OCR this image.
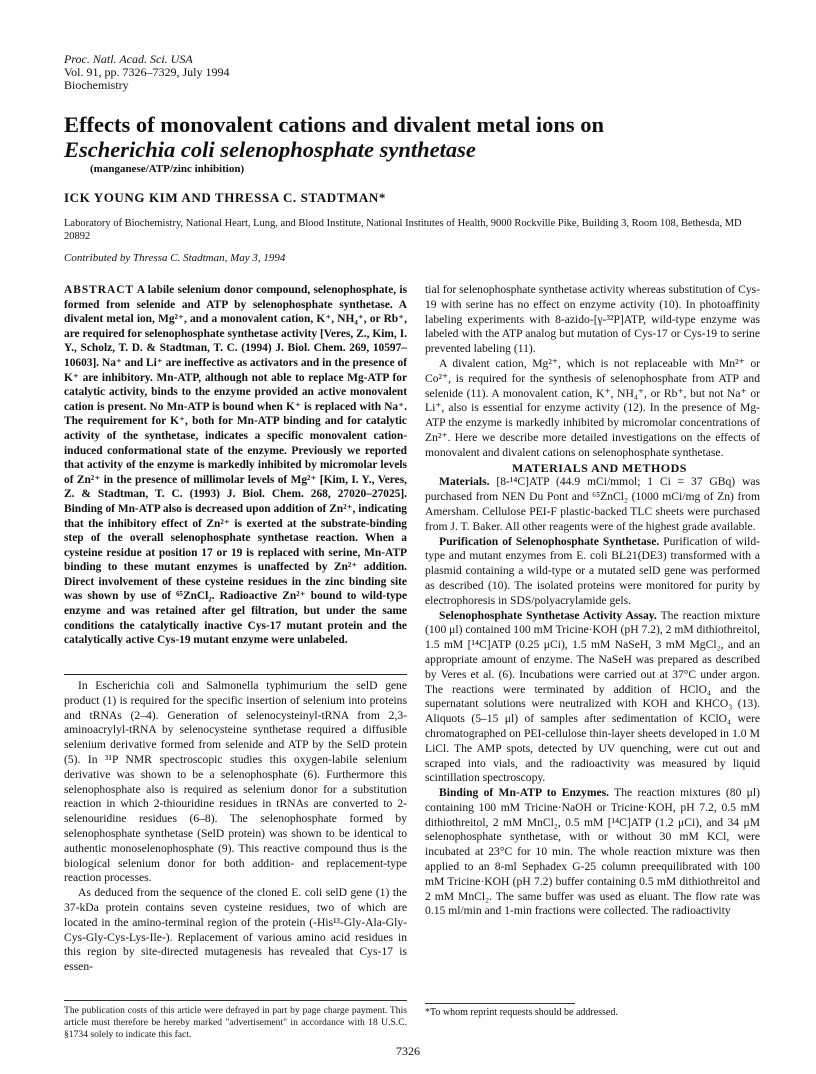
Proc. Natl. Acad. Sci. USA
Vol. 91, pp. 7326–7329, July 1994
Biochemistry
Effects of monovalent cations and divalent metal ions on
Escherichia coli selenophosphate synthetase
(manganese/ATP/zinc inhibition)
ICK YOUNG KIM AND THRESSA C. STADTMAN*
Laboratory of Biochemistry, National Heart, Lung, and Blood Institute, National Institutes of Health, 9000 Rockville Pike, Building 3, Room 108, Bethesda, MD 20892
Contributed by Thressa C. Stadtman, May 3, 1994

ABSTRACT A labile selenium donor compound, selenophosphate, is formed from selenide and ATP by selenophosphate synthetase. A divalent metal ion, Mg²⁺, and a monovalent cation, K⁺, NH₄⁺, or Rb⁺, are required for selenophosphate synthetase activity [Veres, Z., Kim, I. Y., Scholz, T. D. & Stadtman, T. C. (1994) J. Biol. Chem. 269, 10597–10603]. Na⁺ and Li⁺ are ineffective as activators and in the presence of K⁺ are inhibitory. Mn-ATP, although not able to replace Mg-ATP for catalytic activity, binds to the enzyme provided an active monovalent cation is present. No Mn-ATP is bound when K⁺ is replaced with Na⁺. The requirement for K⁺, both for Mn-ATP binding and for catalytic activity of the synthetase, indicates a specific monovalent cation-induced conformational state of the enzyme. Previously we reported that activity of the enzyme is markedly inhibited by micromolar levels of Zn²⁺ in the presence of millimolar levels of Mg²⁺ [Kim, I. Y., Veres, Z. & Stadtman, T. C. (1993) J. Biol. Chem. 268, 27020–27025]. Binding of Mn-ATP also is decreased upon addition of Zn²⁺, indicating that the inhibitory effect of Zn²⁺ is exerted at the substrate-binding step of the overall selenophosphate synthetase reaction. When a cysteine residue at position 17 or 19 is replaced with serine, Mn-ATP binding to these mutant enzymes is unaffected by Zn²⁺ addition. Direct involvement of these cysteine residues in the zinc binding site was shown by use of ⁶⁵ZnCl₂. Radioactive Zn²⁺ bound to wild-type enzyme and was retained after gel filtration, but under the same conditions the catalytically inactive Cys-17 mutant protein and the catalytically active Cys-19 mutant enzyme were unlabeled.

In Escherichia coli and Salmonella typhimurium the selD gene product (1) is required for the specific insertion of selenium into proteins and tRNAs (2–4). Generation of selenocysteinyl-tRNA from 2,3-aminoacrylyl-tRNA by selenocysteine synthetase required a diffusible selenium derivative formed from selenide and ATP by the SelD protein (5). In ³¹P NMR spectroscopic studies this oxygen-labile selenium derivative was shown to be a selenophosphate (6). Furthermore this selenophosphate also is required as selenium donor for a substitution reaction in which 2-thiouridine residues in tRNAs are converted to 2-selenouridine residues (6–8). The selenophosphate formed by selenophosphate synthetase (SelD protein) was shown to be identical to authentic monoselenophosphate (9). This reactive compound thus is the biological selenium donor for both addition- and replacement-type reaction processes.

As deduced from the sequence of the cloned E. coli selD gene (1) the 37-kDa protein contains seven cysteine residues, two of which are located in the amino-terminal region of the protein (-His¹³-Gly-Ala-Gly-Cys-Gly-Cys-Lys-Ile-). Replacement of various amino acid residues in this region by site-directed mutagenesis has revealed that Cys-17 is essen-

tial for selenophosphate synthetase activity whereas substitution of Cys-19 with serine has no effect on enzyme activity (10). In photoaffinity labeling experiments with 8-azido-[γ-³²P]ATP, wild-type enzyme was labeled with the ATP analog but mutation of Cys-17 or Cys-19 to serine prevented labeling (11).

A divalent cation, Mg²⁺, which is not replaceable with Mn²⁺ or Co²⁺, is required for the synthesis of selenophosphate from ATP and selenide (11). A monovalent cation, K⁺, NH₄⁺, or Rb⁺, but not Na⁺ or Li⁺, also is essential for enzyme activity (12). In the presence of Mg-ATP the enzyme is markedly inhibited by micromolar concentrations of Zn²⁺. Here we describe more detailed investigations on the effects of monovalent and divalent cations on selenophosphate synthetase.

MATERIALS AND METHODS

Materials. [8-¹⁴C]ATP (44.9 mCi/mmol; 1 Ci = 37 GBq) was purchased from NEN Du Pont and ⁶⁵ZnCl₂ (1000 mCi/mg of Zn) from Amersham. Cellulose PEI-F plastic-backed TLC sheets were purchased from J. T. Baker. All other reagents were of the highest grade available.

Purification of Selenophosphate Synthetase. Purification of wild-type and mutant enzymes from E. coli BL21(DE3) transformed with a plasmid containing a wild-type or a mutated selD gene was performed as described (10). The isolated proteins were monitored for purity by electrophoresis in SDS/polyacrylamide gels.

Selenophosphate Synthetase Activity Assay. The reaction mixture (100 μl) contained 100 mM Tricine·KOH (pH 7.2), 2 mM dithiothreitol, 1.5 mM [¹⁴C]ATP (0.25 μCi), 1.5 mM NaSeH, 3 mM MgCl₂, and an appropriate amount of enzyme. The NaSeH was prepared as described by Veres et al. (6). Incubations were carried out at 37°C under argon. The reactions were terminated by addition of HClO₄ and the supernatant solutions were neutralized with KOH and KHCO₃ (13). Aliquots (5–15 μl) of samples after sedimentation of KClO₄ were chromatographed on PEI-cellulose thin-layer sheets developed in 1.0 M LiCl. The AMP spots, detected by UV quenching, were cut out and scraped into vials, and the radioactivity was measured by liquid scintillation spectroscopy.

Binding of Mn-ATP to Enzymes. The reaction mixtures (80 μl) containing 100 mM Tricine·NaOH or Tricine·KOH, pH 7.2, 0.5 mM dithiothreitol, 2 mM MnCl₂, 0.5 mM [¹⁴C]ATP (1.2 μCi), and 34 μM selenophosphate synthetase, with or without 30 mM KCl, were incubated at 23°C for 10 min. The whole reaction mixture was then applied to an 8-ml Sephadex G-25 column preequilibrated with 100 mM Tricine·KOH (pH 7.2) buffer containing 0.5 mM dithiothreitol and 2 mM MnCl₂. The same buffer was used as eluant. The flow rate was 0.15 ml/min and 1-min fractions were collected. The radioactivity

The publication costs of this article were defrayed in part by page charge payment. This article must therefore be hereby marked "advertisement" in accordance with 18 U.S.C. §1734 solely to indicate this fact.
*To whom reprint requests should be addressed.
7326
